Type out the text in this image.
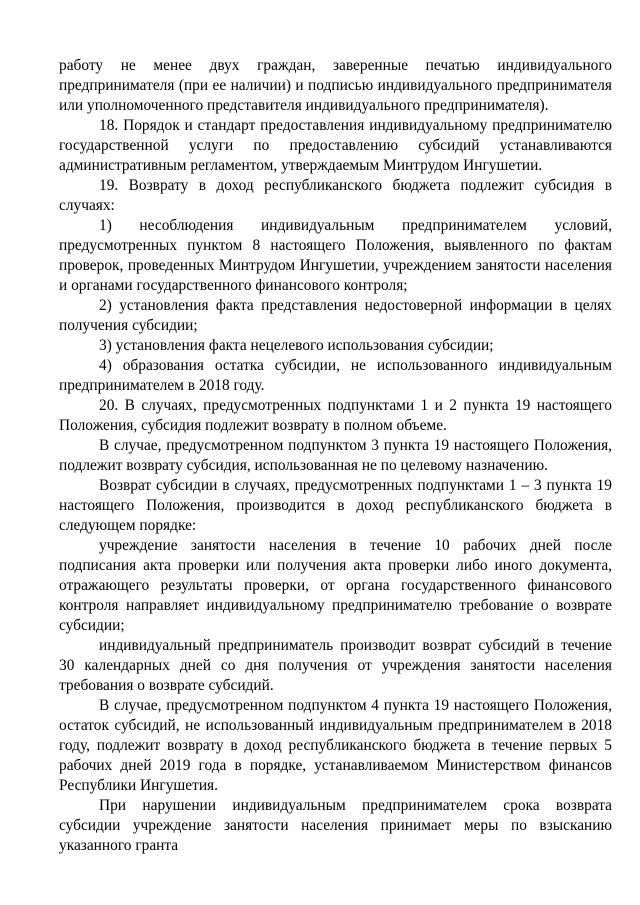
работу не менее двух граждан, заверенные печатью индивидуального предпринимателя (при ее наличии) и подписью индивидуального предпринимателя или уполномоченного представителя индивидуального предпринимателя).

18. Порядок и стандарт предоставления индивидуальному предпринимателю государственной услуги по предоставлению субсидий устанавливаются административным регламентом, утверждаемым Минтрудом Ингушетии.

19. Возврату в доход республиканского бюджета подлежит субсидия в случаях:

1) несоблюдения индивидуальным предпринимателем условий, предусмотренных пунктом 8 настоящего Положения, выявленного по фактам проверок, проведенных Минтрудом Ингушетии, учреждением занятости населения и органами государственного финансового контроля;

2) установления факта представления недостоверной информации в целях получения субсидии;

3) установления факта нецелевого использования субсидии;

4) образования остатка субсидии, не использованного индивидуальным предпринимателем в 2018 году.

20. В случаях, предусмотренных подпунктами 1 и 2 пункта 19 настоящего Положения, субсидия подлежит возврату в полном объеме.

В случае, предусмотренном подпунктом 3 пункта 19 настоящего Положения, подлежит возврату субсидия, использованная не по целевому назначению.

Возврат субсидии в случаях, предусмотренных подпунктами 1 – 3 пункта 19 настоящего Положения, производится в доход республиканского бюджета в следующем порядке:

учреждение занятости населения в течение 10 рабочих дней после подписания акта проверки или получения акта проверки либо иного документа, отражающего результаты проверки, от органа государственного финансового контроля направляет индивидуальному предпринимателю требование о возврате субсидии;

индивидуальный предприниматель производит возврат субсидий в течение 30 календарных дней со дня получения от учреждения занятости населения требования о возврате субсидий.

В случае, предусмотренном подпунктом 4 пункта 19 настоящего Положения, остаток субсидий, не использованный индивидуальным предпринимателем в 2018 году, подлежит возврату в доход республиканского бюджета в течение первых 5 рабочих дней 2019 года в порядке, устанавливаемом Министерством финансов Республики Ингушетия.

При нарушении индивидуальным предпринимателем срока возврата субсидии учреждение занятости населения принимает меры по взысканию указанного гранта
